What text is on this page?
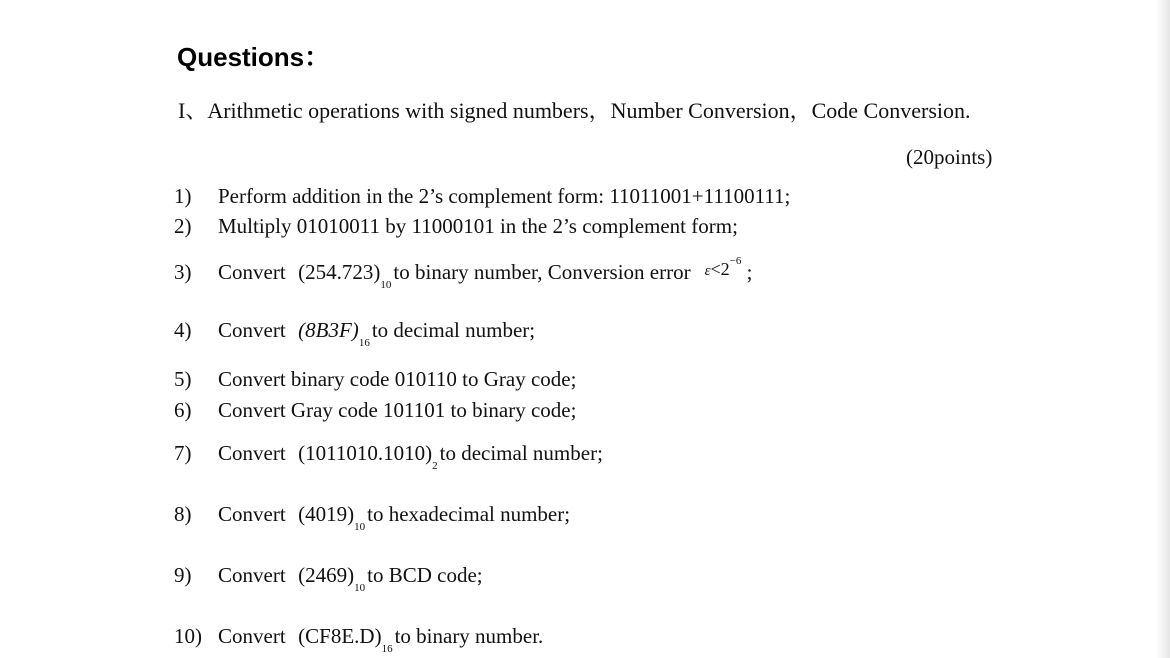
Questions：
I、Arithmetic operations with signed numbers，Number Conversion，Code Conversion.
(20points)
1) Perform addition in the 2’s complement form: 11011001+11100111;
2) Multiply 01010011 by 11000101 in the 2’s complement form;
3) Convert $(254.723)_{10}to$ binary number, Conversion error $\varepsilon<2^{-6}$ ;
4) Convert $(8B3F)_{16}to$ decimal number;
5) Convert binary code 010110 to Gray code;
6) Convert Gray code 101101 to binary code;
7) Convert $(1011010.1010)_2to$ decimal number;
8) Convert $(4019)_{10}to$ hexadecimal number;
9) Convert $(2469)_{10}to$ BCD code;
10) Convert $(CF8E.D)_{16}to$ binary number.
